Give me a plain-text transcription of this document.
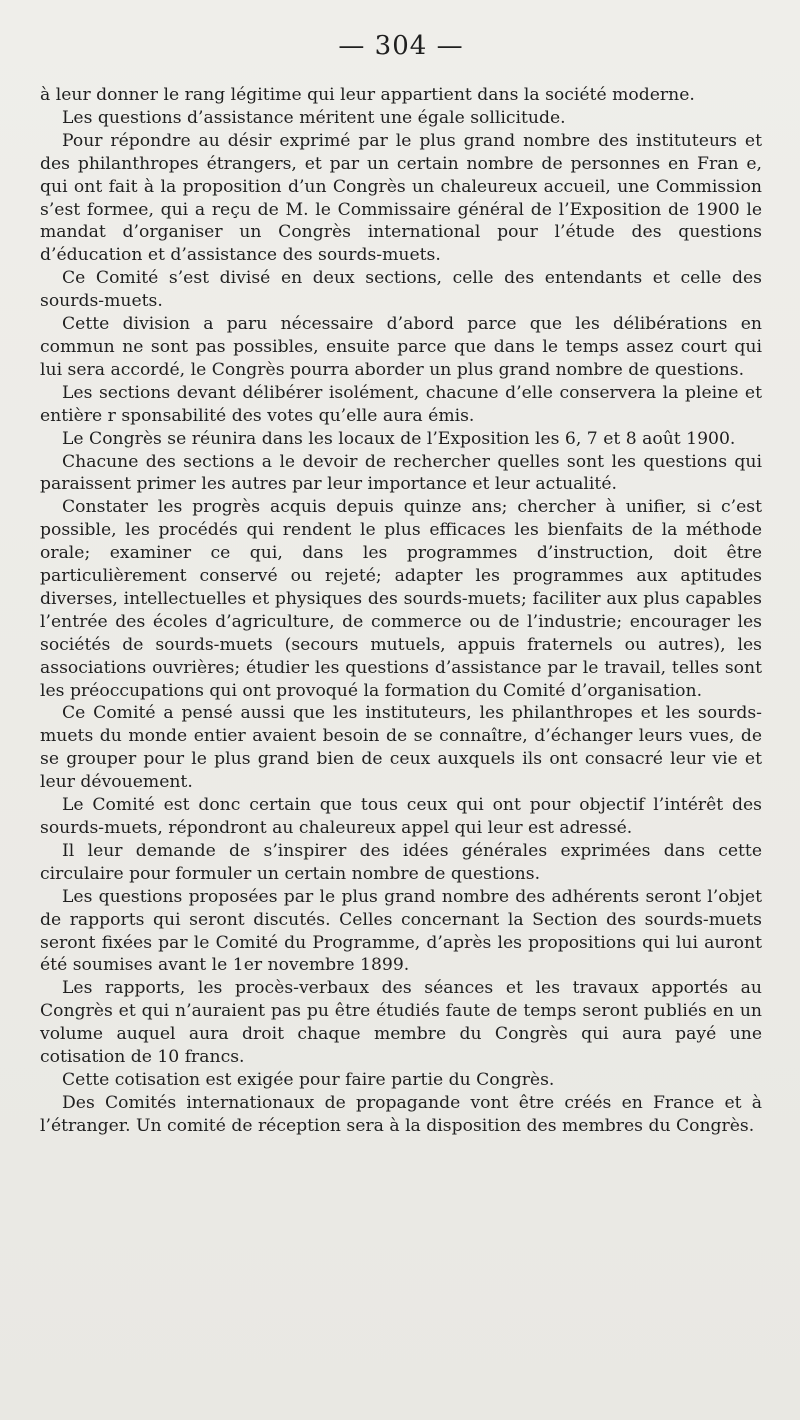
— 304 —

à leur donner le rang légitime qui leur appartient dans la société moderne.

Les questions d’assistance méritent une égale sollicitude.

Pour répondre au désir exprimé par le plus grand nombre des instituteurs et des philanthropes étrangers, et par un certain nombre de personnes en Fran e, qui ont fait à la proposition d’un Congrès un chaleureux accueil, une Commission s’est formee, qui a reçu de M. le Commissaire général de l’Exposition de 1900 le mandat d’organiser un Congrès international pour l’étude des questions d’éducation et d’assistance des sourds-muets.

Ce Comité s’est divisé en deux sections, celle des entendants et celle des sourds-muets.

Cette division a paru nécessaire d’abord parce que les délibérations en commun ne sont pas possibles, ensuite parce que dans le temps assez court qui lui sera accordé, le Congrès pourra aborder un plus grand nombre de questions.

Les sections devant délibérer isolément, chacune d’elle conservera la pleine et entière r sponsabilité des votes qu’elle aura émis.

Le Congrès se réunira dans les locaux de l’Exposition les 6, 7 et 8 août 1900.

Chacune des sections a le devoir de rechercher quelles sont les questions qui paraissent primer les autres par leur importance et leur actualité.

Constater les progrès acquis depuis quinze ans; chercher à unifier, si c’est possible, les procédés qui rendent le plus efficaces les bienfaits de la méthode orale; examiner ce qui, dans les programmes d’instruction, doit être particulièrement conservé ou rejeté; adapter les programmes aux aptitudes diverses, intellectuelles et physiques des sourds-muets; faciliter aux plus capables l’entrée des écoles d’agriculture, de commerce ou de l’industrie; encourager les sociétés de sourds-muets (secours mutuels, appuis fraternels ou autres), les associations ouvrières; étudier les questions d’assistance par le travail, telles sont les préoccupations qui ont provoqué la formation du Comité d’organisation.

Ce Comité a pensé aussi que les instituteurs, les philanthropes et les sourds-muets du monde entier avaient besoin de se connaître, d’échanger leurs vues, de se grouper pour le plus grand bien de ceux auxquels ils ont consacré leur vie et leur dévouement.

Le Comité est donc certain que tous ceux qui ont pour objectif l’intérêt des sourds-muets, répondront au chaleureux appel qui leur est adressé.

Il leur demande de s’inspirer des idées générales exprimées dans cette circulaire pour formuler un certain nombre de questions.

Les questions proposées par le plus grand nombre des adhérents seront l’objet de rapports qui seront discutés. Celles concernant la Section des sourds-muets seront fixées par le Comité du Programme, d’après les propositions qui lui auront été soumises avant le 1er novembre 1899.

Les rapports, les procès-verbaux des séances et les travaux apportés au Congrès et qui n’auraient pas pu être étudiés faute de temps seront publiés en un volume auquel aura droit chaque membre du Congrès qui aura payé une cotisation de 10 francs.

Cette cotisation est exigée pour faire partie du Congrès.

Des Comités internationaux de propagande vont être créés en France et à l’étranger. Un comité de réception sera à la disposition des membres du Congrès.
